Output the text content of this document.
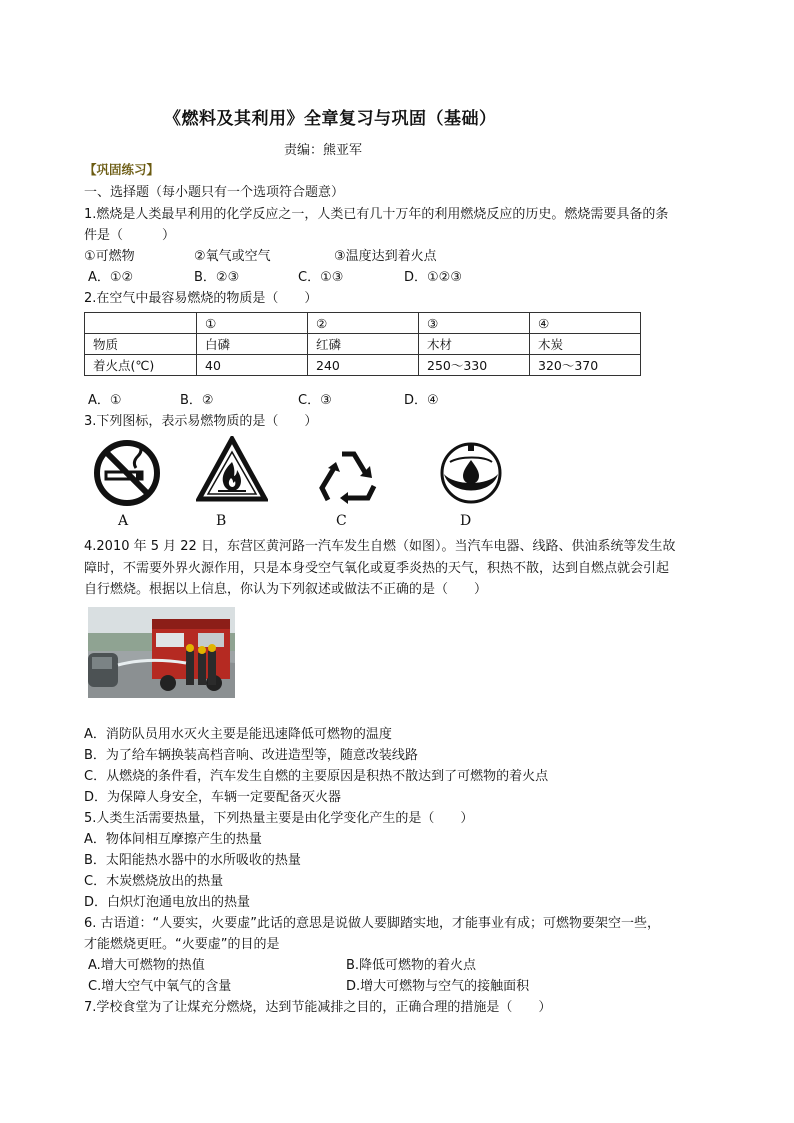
《燃料及其利用》全章复习与巩固（基础）
责编：熊亚军
【巩固练习】
一、选择题（每小题只有一个选项符合题意）
1.燃烧是人类最早利用的化学反应之一，人类已有几十万年的利用燃烧反应的历史。燃烧需要具备的条
件是（　　　）
①可燃物	②氧气或空气	③温度达到着火点
A．①②	B．②③	C．①③	D．①②③
2.在空气中最容易燃烧的物质是（　　）
	①	②	③	④
物质	白磷	红磷	木材	木炭
着火点(℃)	40	240	250～330	320～370
A．①	B．②	C．③	D．④
3.下列图标，表示易燃物质的是（　　）
A	B	C	D
4.2010 年 5 月 22 日，东营区黄河路一汽车发生自燃（如图）。当汽车电器、线路、供油系统等发生故
障时，不需要外界火源作用，只是本身受空气氧化或夏季炎热的天气，积热不散，达到自燃点就会引起
自行燃烧。根据以上信息，你认为下列叙述或做法不正确的是（　　）
A．消防队员用水灭火主要是能迅速降低可燃物的温度
B．为了给车辆换装高档音响、改进造型等，随意改装线路
C．从燃烧的条件看，汽车发生自燃的主要原因是积热不散达到了可燃物的着火点
D．为保障人身安全，车辆一定要配备灭火器
5.人类生活需要热量，下列热量主要是由化学变化产生的是（　　）
A．物体间相互摩擦产生的热量
B．太阳能热水器中的水所吸收的热量
C．木炭燃烧放出的热量
D．白炽灯泡通电放出的热量
6. 古语道：“人要实，火要虚”此话的意思是说做人要脚踏实地，才能事业有成；可燃物要架空一些，
才能燃烧更旺。“火要虚”的目的是
A.增大可燃物的热值	B.降低可燃物的着火点
C.增大空气中氧气的含量	D.增大可燃物与空气的接触面积
7.学校食堂为了让煤充分燃烧，达到节能减排之目的，正确合理的措施是（　　）
